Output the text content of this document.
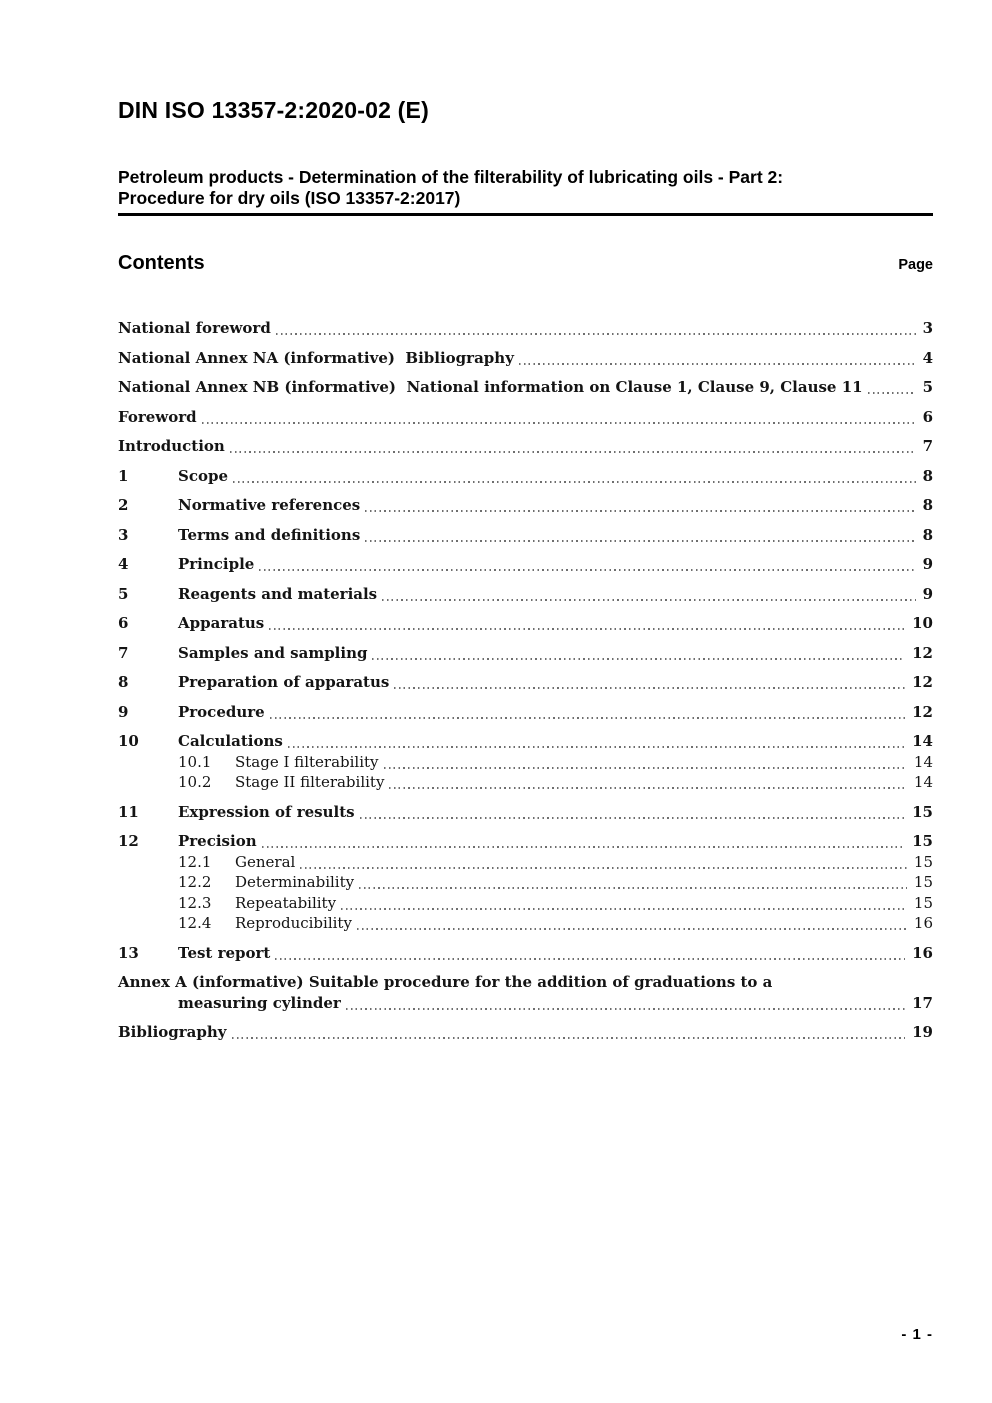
DIN ISO 13357-2:2020-02 (E)
Petroleum products - Determination of the filterability of lubricating oils - Part 2:
Procedure for dry oils (ISO 13357-2:2017)
Contents	Page
National foreword	3
National Annex NA (informative)  Bibliography	4
National Annex NB (informative)  National information on Clause 1, Clause 9, Clause 11	5
Foreword	6
Introduction	7
1	Scope	8
2	Normative references	8
3	Terms and definitions	8
4	Principle	9
5	Reagents and materials	9
6	Apparatus	10
7	Samples and sampling	12
8	Preparation of apparatus	12
9	Procedure	12
10	Calculations	14
10.1	Stage I filterability	14
10.2	Stage II filterability	14
11	Expression of results	15
12	Precision	15
12.1	General	15
12.2	Determinability	15
12.3	Repeatability	15
12.4	Reproducibility	16
13	Test report	16
Annex A (informative) Suitable procedure for the addition of graduations to a
measuring cylinder	17
Bibliography	19
- 1 -
